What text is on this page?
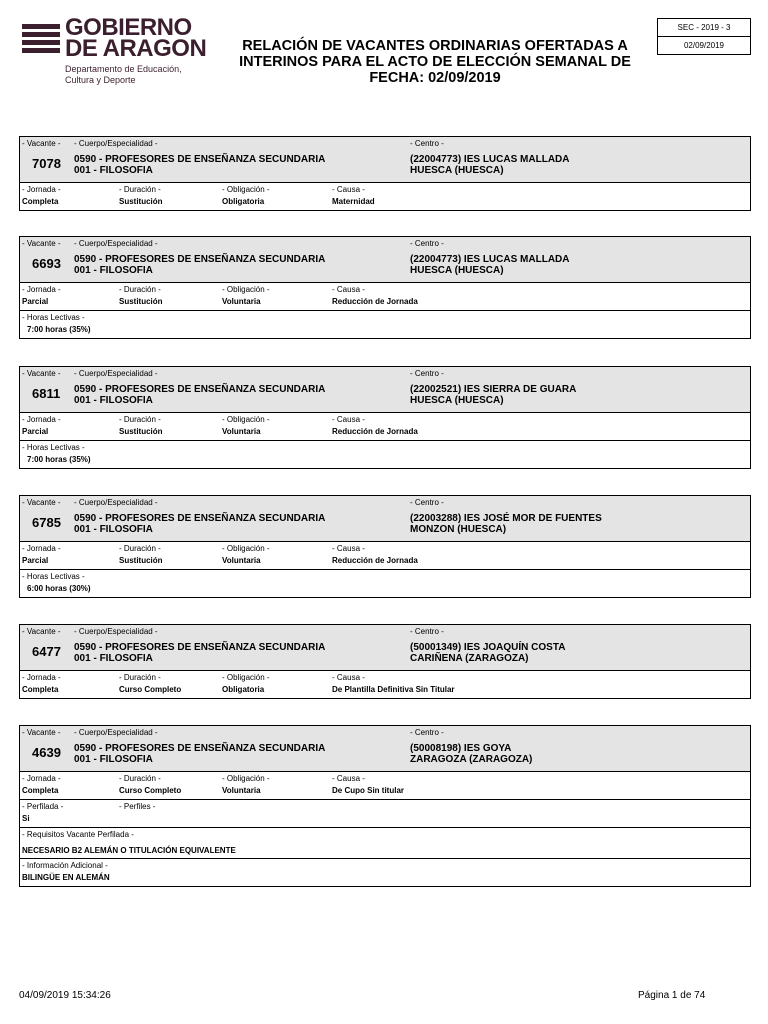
GOBIERNO
DE ARAGON
Departamento de Educación,
Cultura y Deporte
RELACIÓN DE VACANTES ORDINARIAS OFERTADAS A INTERINOS PARA EL ACTO DE ELECCIÓN SEMANAL DE FECHA: 02/09/2019
SEC - 2019 - 3
02/09/2019
- Vacante - - Cuerpo/Especialidad -	- Centro -
7078 0590 - PROFESORES DE ENSEÑANZA SECUNDARIA
001 - FILOSOFIA
(22004773) IES LUCAS MALLADA
HUESCA (HUESCA)
- Jornada -	- Duración -	- Obligación -	- Causa -
Completa	Sustitución	Obligatoria	Maternidad
- Vacante - - Cuerpo/Especialidad -	- Centro -
6693 0590 - PROFESORES DE ENSEÑANZA SECUNDARIA
001 - FILOSOFIA
(22004773) IES LUCAS MALLADA
HUESCA (HUESCA)
- Jornada -	- Duración -	- Obligación -	- Causa -
Parcial	Sustitución	Voluntaria	Reducción de Jornada
- Horas Lectivas -
7:00 horas (35%)
- Vacante - - Cuerpo/Especialidad -	- Centro -
6811 0590 - PROFESORES DE ENSEÑANZA SECUNDARIA
001 - FILOSOFIA
(22002521) IES SIERRA DE GUARA
HUESCA (HUESCA)
- Jornada -	- Duración -	- Obligación -	- Causa -
Parcial	Sustitución	Voluntaria	Reducción de Jornada
- Horas Lectivas -
7:00 horas (35%)
- Vacante - - Cuerpo/Especialidad -	- Centro -
6785 0590 - PROFESORES DE ENSEÑANZA SECUNDARIA
001 - FILOSOFIA
(22003288) IES JOSÉ MOR DE FUENTES
MONZON (HUESCA)
- Jornada -	- Duración -	- Obligación -	- Causa -
Parcial	Sustitución	Voluntaria	Reducción de Jornada
- Horas Lectivas -
6:00 horas (30%)
- Vacante - - Cuerpo/Especialidad -	- Centro -
6477 0590 - PROFESORES DE ENSEÑANZA SECUNDARIA
001 - FILOSOFIA
(50001349) IES JOAQUÍN COSTA
CARIÑENA (ZARAGOZA)
- Jornada -	- Duración -	- Obligación -	- Causa -
Completa	Curso Completo	Obligatoria	De Plantilla Definitiva Sin Titular
- Vacante - - Cuerpo/Especialidad -	- Centro -
4639 0590 - PROFESORES DE ENSEÑANZA SECUNDARIA
001 - FILOSOFIA
(50008198) IES GOYA
ZARAGOZA (ZARAGOZA)
- Jornada -	- Duración -	- Obligación -	- Causa -
Completa	Curso Completo	Voluntaria	De Cupo Sin titular
- Perfilada -	- Perfiles -
Si
- Requisitos Vacante Perfilada -
NECESARIO B2 ALEMÁN O TITULACIÓN EQUIVALENTE
- Información Adicional -
BILINGÜE EN ALEMÁN
04/09/2019 15:34:26	Página 1 de 74
